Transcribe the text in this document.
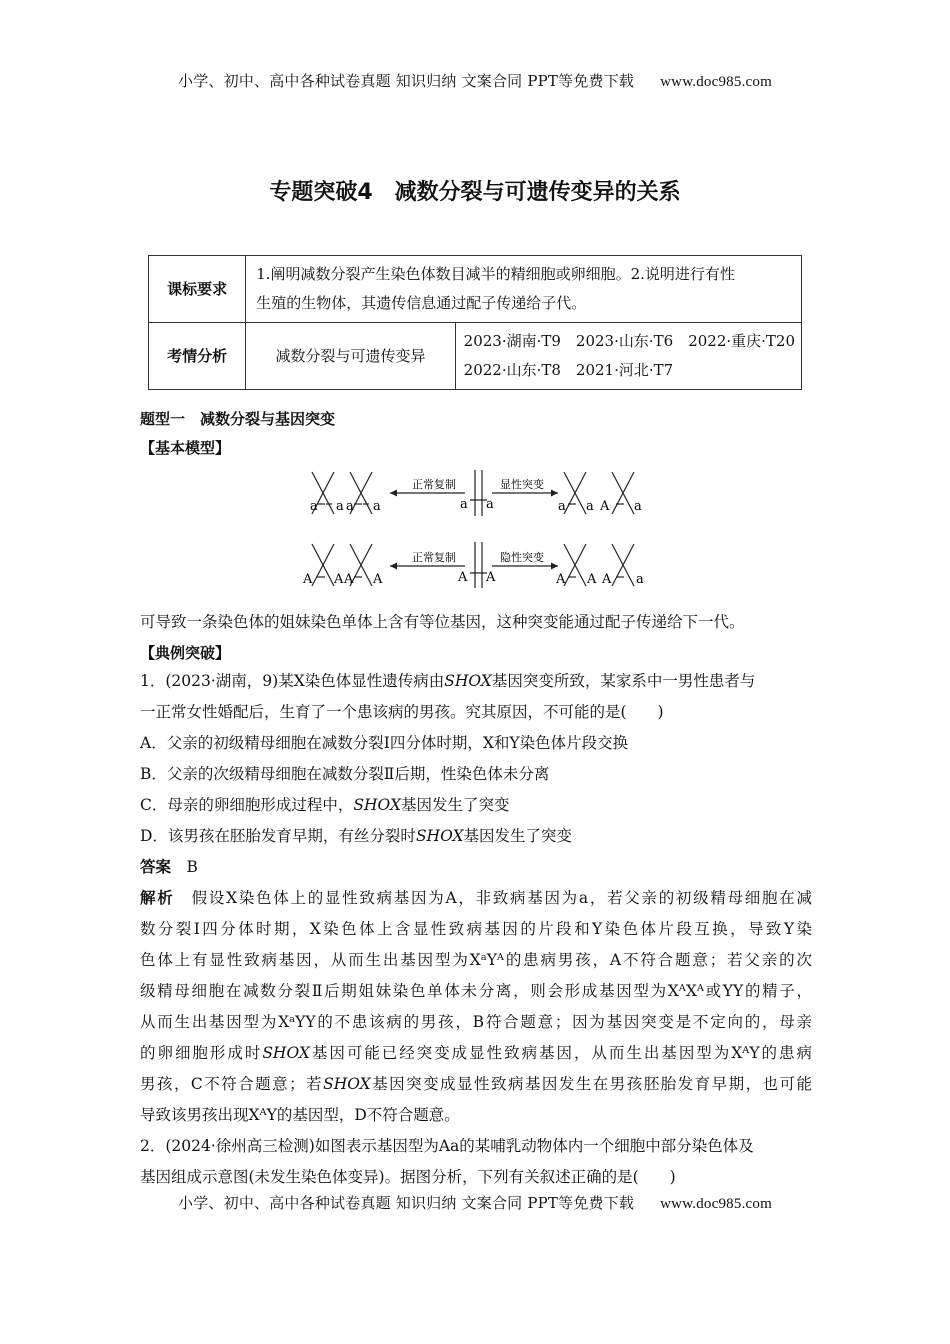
小学、初中、高中各种试卷真题 知识归纳 文案合同 PPT等免费下载 www.doc985.com
专题突破4 减数分裂与可遗传变异的关系
课标要求	1.阐明减数分裂产生染色体数目减半的精细胞或卵细胞。2.说明进行有性
生殖的生物体，其遗传信息通过配子传递给子代。	

考情分析	减数分裂与可遗传变异	2023·湖南·T9　2023·山东·T6　2022·重庆·T20
2022·山东·T8　2021·河北·T7
题型一　减数分裂与基因突变
【基本模型】
正常复制	显性突变
正常复制	隐性突变
a a a a	a a	a a A a
A A A A	A A	A A A a
可导致一条染色体的姐妹染色单体上含有等位基因，这种突变能通过配子传递给下一代。
【典例突破】
1．(2023·湖南，9)某X染色体显性遗传病由SHOX基因突变所致，某家系中一男性患者与
一正常女性婚配后，生育了一个患该病的男孩。究其原因，不可能的是(　　)
A．父亲的初级精母细胞在减数分裂Ⅰ四分体时期，X和Y染色体片段交换
B．父亲的次级精母细胞在减数分裂Ⅱ后期，性染色体未分离
C．母亲的卵细胞形成过程中，SHOX基因发生了突变
D．该男孩在胚胎发育早期，有丝分裂时SHOX基因发生了突变
答案　 B
解析　 假设X染色体上的显性致病基因为A，非致病基因为a，若父亲的初级精母细胞在减
数分裂Ⅰ四分体时期，X染色体上含显性致病基因的片段和Y染色体片段互换，导致Y染
色体上有显性致病基因，从而生出基因型为XᵃYᴬ的患病男孩，A不符合题意；若父亲的次
级精母细胞在减数分裂Ⅱ后期姐妹染色单体未分离，则会形成基因型为XᴬXᴬ或YY的精子，
从而生出基因型为XᵃYY的不患该病的男孩，B符合题意；因为基因突变是不定向的，母亲
的卵细胞形成时SHOX基因可能已经突变成显性致病基因，从而生出基因型为XᴬY的患病
男孩，C不符合题意；若SHOX基因突变成显性致病基因发生在男孩胚胎发育早期，也可能
导致该男孩出现XᴬY的基因型，D不符合题意。
2．(2024·徐州高三检测)如图表示基因型为Aa的某哺乳动物体内一个细胞中部分染色体及
基因组成示意图(未发生染色体变异)。据图分析，下列有关叙述正确的是(　　)
小学、初中、高中各种试卷真题 知识归纳 文案合同 PPT等免费下载 www.doc985.com
